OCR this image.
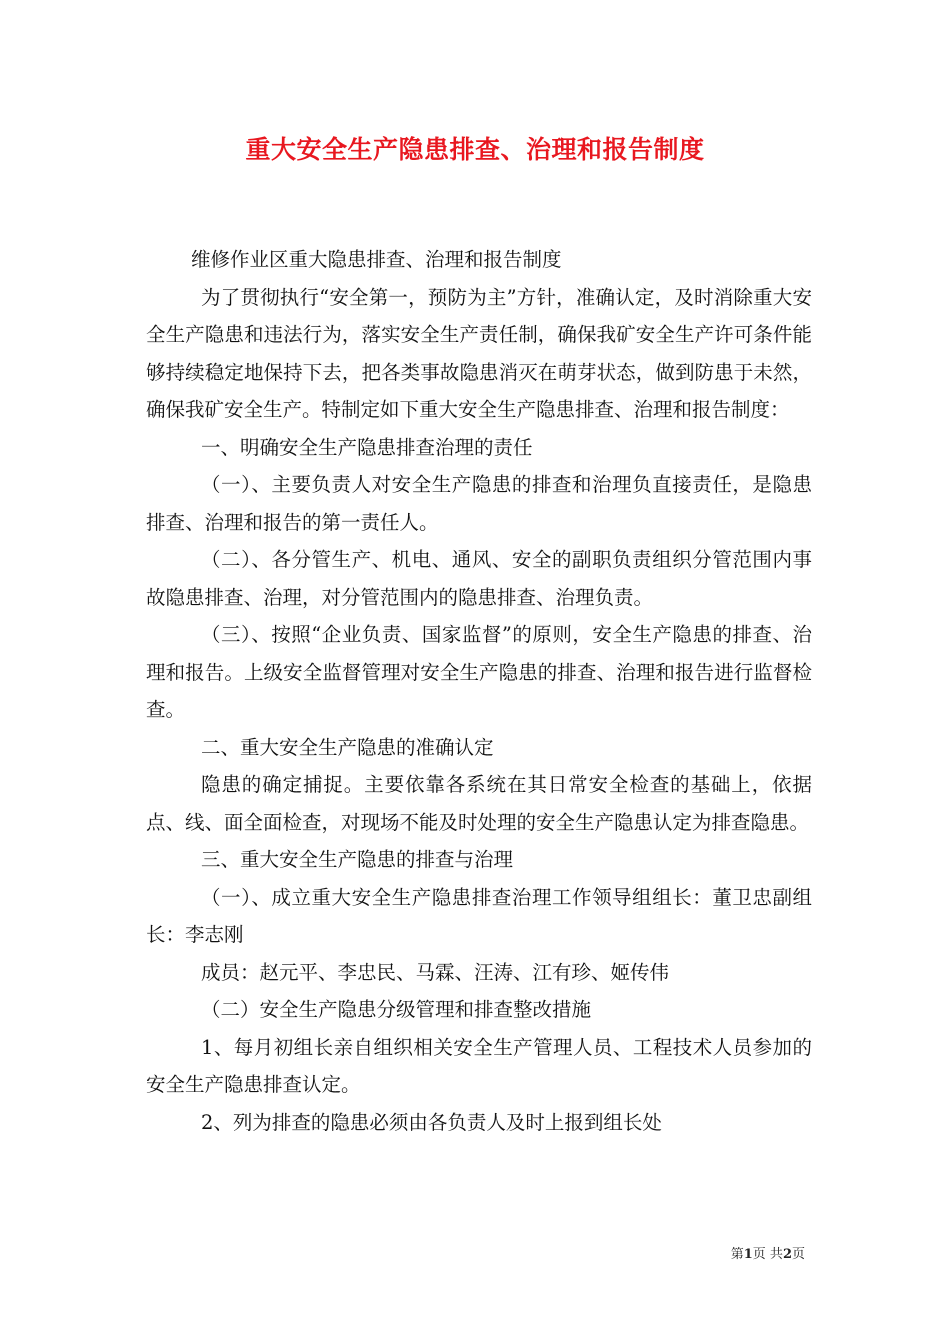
重大安全生产隐患排查、治理和报告制度

维修作业区重大隐患排查、治理和报告制度

为了贯彻执行“安全第一，预防为主”方针，准确认定，及时消除重大安全生产隐患和违法行为，落实安全生产责任制，确保我矿安全生产许可条件能够持续稳定地保持下去，把各类事故隐患消灭在萌芽状态，做到防患于未然，确保我矿安全生产。特制定如下重大安全生产隐患排查、治理和报告制度：

一、明确安全生产隐患排查治理的责任

（一）、主要负责人对安全生产隐患的排查和治理负直接责任，是隐患排查、治理和报告的第一责任人。

（二）、各分管生产、机电、通风、安全的副职负责组织分管范围内事故隐患排查、治理，对分管范围内的隐患排查、治理负责。

（三）、按照“企业负责、国家监督”的原则，安全生产隐患的排查、治理和报告。上级安全监督管理对安全生产隐患的排查、治理和报告进行监督检查。

二、重大安全生产隐患的准确认定

隐患的确定捕捉。主要依靠各系统在其日常安全检查的基础上，依据点、线、面全面检查，对现场不能及时处理的安全生产隐患认定为排查隐患。

三、重大安全生产隐患的排查与治理

（一）、成立重大安全生产隐患排查治理工作领导组组长：董卫忠副组长：李志刚

成员：赵元平、李忠民、马霖、汪涛、江有珍、姬传伟

（二）安全生产隐患分级管理和排查整改措施

1、每月初组长亲自组织相关安全生产管理人员、工程技术人员参加的安全生产隐患排查认定。

2、列为排查的隐患必须由各负责人及时上报到组长处

第1页 共2页
